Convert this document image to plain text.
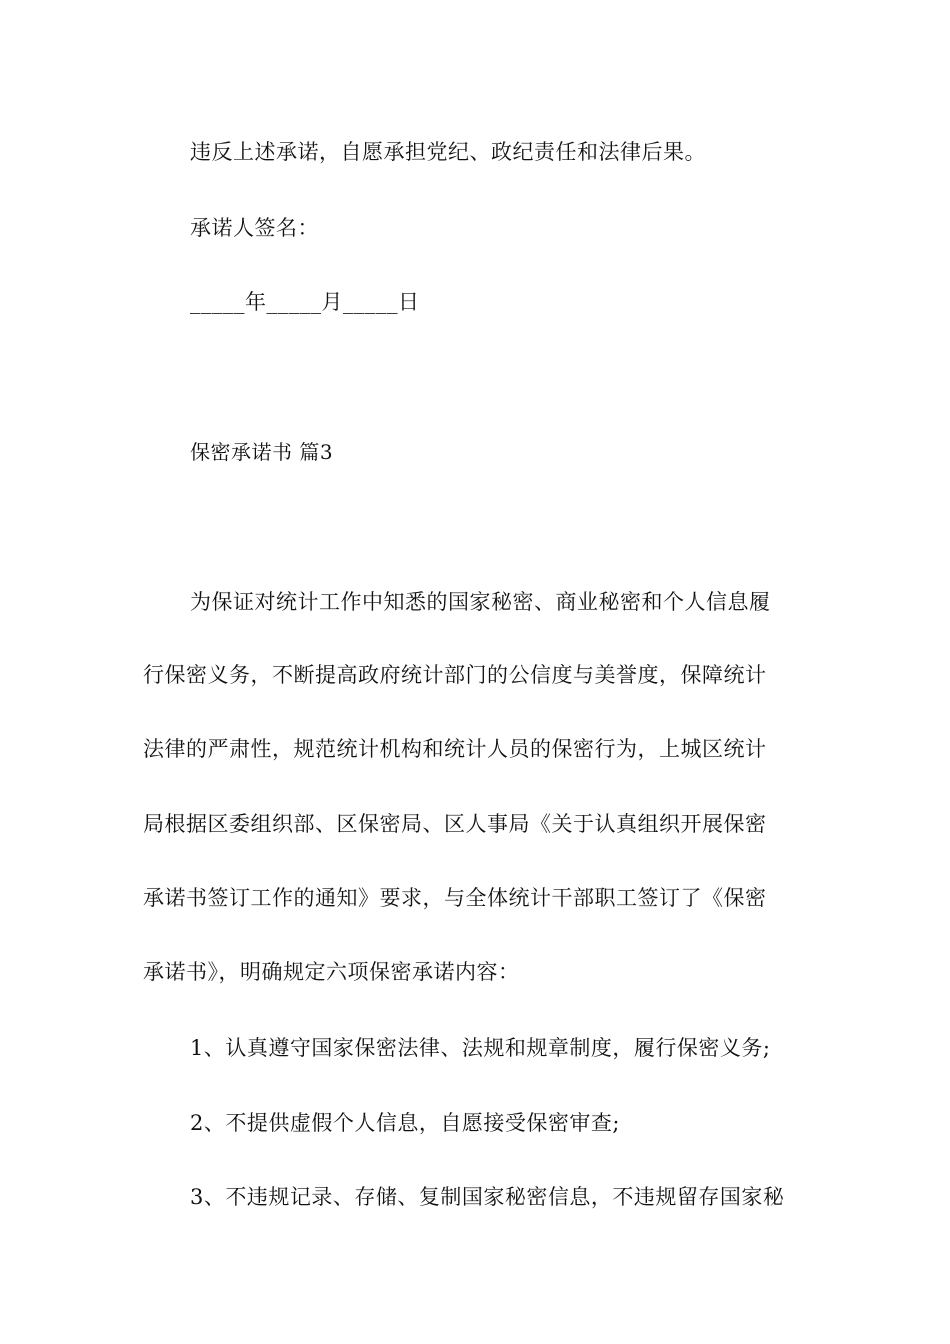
违反上述承诺，自愿承担党纪、政纪责任和法律后果。
承诺人签名：
_____年_____月_____日
保密承诺书 篇3
为保证对统计工作中知悉的国家秘密、商业秘密和个人信息履
行保密义务，不断提高政府统计部门的公信度与美誉度，保障统计
法律的严肃性，规范统计机构和统计人员的保密行为，上城区统计
局根据区委组织部、区保密局、区人事局《关于认真组织开展保密
承诺书签订工作的通知》要求，与全体统计干部职工签订了《保密
承诺书》，明确规定六项保密承诺内容：
1、认真遵守国家保密法律、法规和规章制度，履行保密义务;
2、不提供虚假个人信息，自愿接受保密审查;
3、不违规记录、存储、复制国家秘密信息，不违规留存国家秘
